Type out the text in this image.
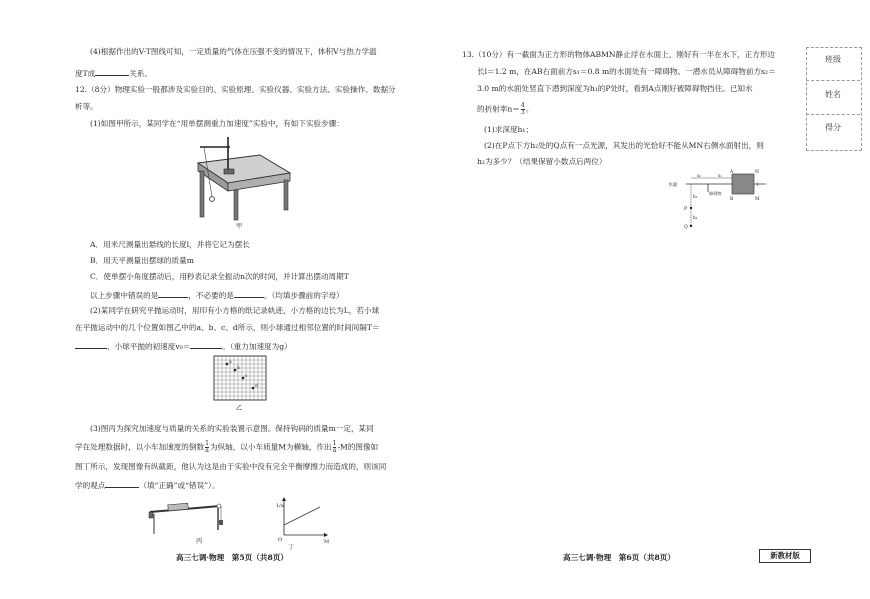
(4)根据作出的V-T图线可知，一定质量的气体在压强不变的情况下，体积V与热力学温
度T成	关系。
12.（8分）物理实验一般都涉及实验目的、实验原理、实验仪器、实验方法、实验操作、数据分
析等。
(1)如图甲所示，某同学在“用单摆测重力加速度”实验中，有如下实验步骤：
甲
A．用米尺测量出悬线的长度l，并将它记为摆长
B．用天平测量出摆球的质量m
C．使单摆小角度摆动后，用秒表记录全振动n次的时间，并计算出摆动周期T
以上步骤中错误的是	，不必要的是	。（均填步骤前的字母）
(2)某同学在研究平抛运动时，用印有小方格的纸记录轨迹，小方格的边长为L，若小球
在平抛运动中的几个位置如图乙中的a、b、c、d所示，则小球通过相邻位置的时间间隔T＝
，小球平抛的初速度v₀＝	。（重力加速度为g）
a
b
c
d
乙
(3)图丙为探究加速度与质量的关系的实验装置示意图。保持钩码的质量m一定，某同
学在处理数据时，以小车加速度的倒数 $\frac{1}{a}$ 为纵轴，以小车质量M为横轴，作出 $\frac{1}{a} -M$的图像如
图丁所示，发现图像有纵截距，他认为这是由于实验中没有完全平衡摩擦力而造成的，则该同
学的观点	（填“正确”或“错误”）。
丙
1/a
M
O
丁
高三七调·物理　第5页（共8页）
13.（10分）有一截面为正方形的物体ABMN静止浮在水面上，刚好有一半在水下，正方形边
长l＝1.2 m，在AB右面前方s₁＝0.8 m的水面处有一障碍物。一潜水员从障碍物前方s₂＝
3.0 m的水面处竖直下潜到深度为h₁的P处时，看到A点刚好被障碍物挡住。已知水
的折射率$n= \frac{4}{3}$ 。
(1)求深度h₁；
(2)在P点下方h₂处的Q点有一点光源，其发出的光恰好不能从MN右侧水面射出，则
h₂为多少？（结果保留小数点后两位）
水面
s₂	s₁
障碍物
A	N
B	M
l
P
Q
h₁
h₂
高三七调·物理　第6页（共8页）	新教材版
班级
姓名
得分
